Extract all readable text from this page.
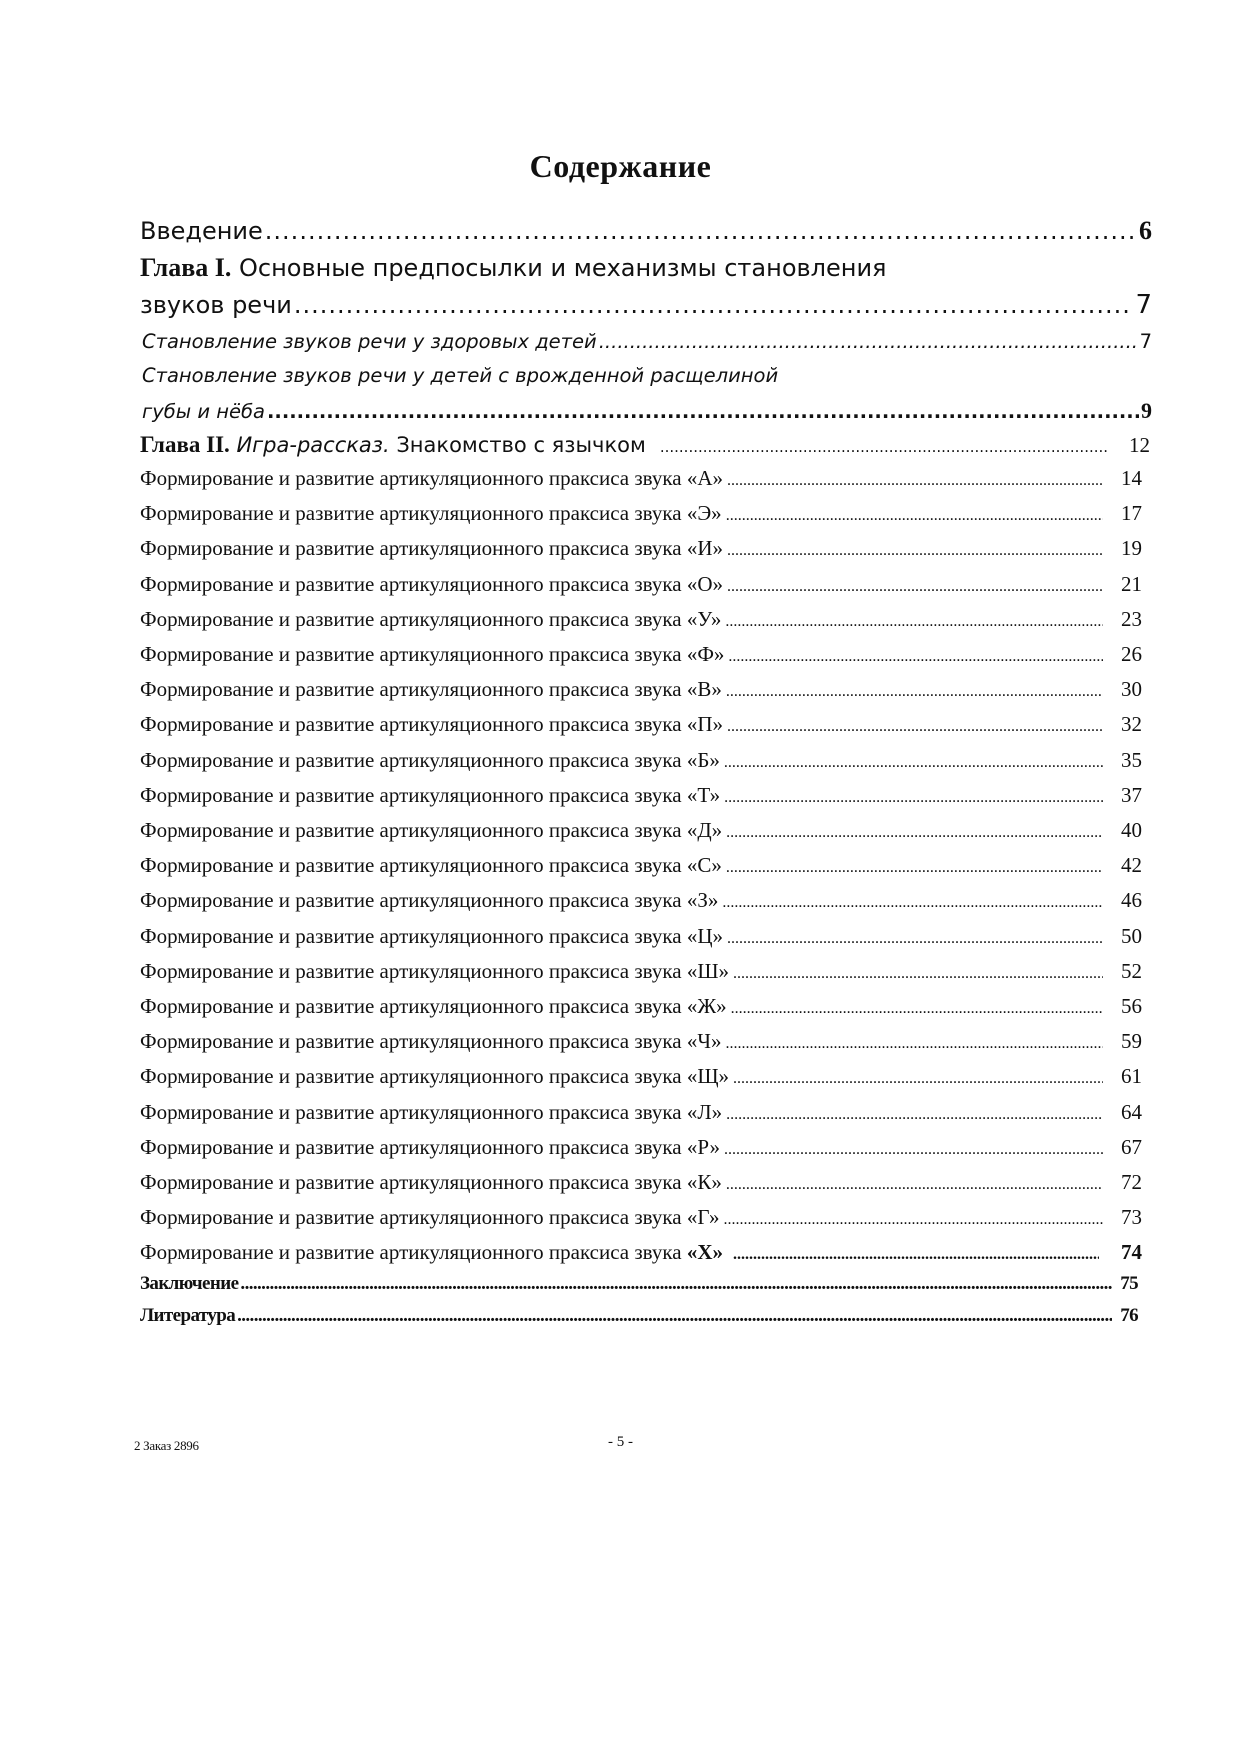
Содержание
Введение .....	6
Глава I. Основные предпосылки и механизмы становления
звуков речи .....	7
Становление звуков речи у здоровых детей .....	7
Становление звуков речи у детей с врожденной расщелиной
губы и нёба .....	9
Глава II. Игра-рассказ. Знакомство с язычком .....	12
Формирование и развитие артикуляционного праксиса звука «А» .....	14
Формирование и развитие артикуляционного праксиса звука «Э» .....	17
Формирование и развитие артикуляционного праксиса звука «И» .....	19
Формирование и развитие артикуляционного праксиса звука «О» .....	21
Формирование и развитие артикуляционного праксиса звука «У» .....	23
Формирование и развитие артикуляционного праксиса звука «Ф» .....	26
Формирование и развитие артикуляционного праксиса звука «В» .....	30
Формирование и развитие артикуляционного праксиса звука «П» .....	32
Формирование и развитие артикуляционного праксиса звука «Б» .....	35
Формирование и развитие артикуляционного праксиса звука «Т» .....	37
Формирование и развитие артикуляционного праксиса звука «Д» .....	40
Формирование и развитие артикуляционного праксиса звука «С» .....	42
Формирование и развитие артикуляционного праксиса звука «З» .....	46
Формирование и развитие артикуляционного праксиса звука «Ц» .....	50
Формирование и развитие артикуляционного праксиса звука «Ш» .....	52
Формирование и развитие артикуляционного праксиса звука «Ж» .....	56
Формирование и развитие артикуляционного праксиса звука «Ч» .....	59
Формирование и развитие артикуляционного праксиса звука «Щ» .....	61
Формирование и развитие артикуляционного праксиса звука «Л» .....	64
Формирование и развитие артикуляционного праксиса звука «Р» .....	67
Формирование и развитие артикуляционного праксиса звука «К» .....	72
Формирование и развитие артикуляционного праксиса звука «Г» .....	73
Формирование и развитие артикуляционного праксиса звука «Х» .....	74
Заключение .....	75
Литература .....	76
2 Заказ 2896	- 5 -
